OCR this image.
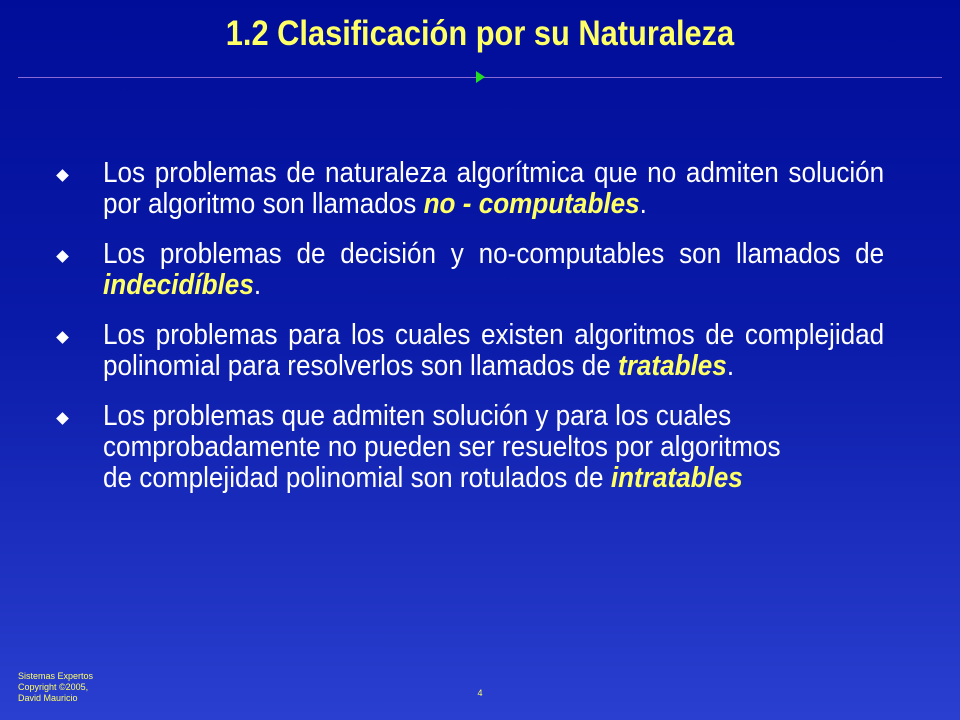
1.2 Clasificación por su Naturaleza

Los problemas de naturaleza algorítmica que no admiten solución por algoritmo son llamados no - computables.

Los problemas de decisión y no-computables son llamados de indecidíbles.

Los problemas para los cuales existen algoritmos de complejidad polinomial para resolverlos son llamados de tratables.

Los problemas que admiten solución y para los cuales
comprobadamente no pueden ser resueltos por algoritmos
de complejidad polinomial son rotulados de intratables

Sistemas Expertos
Copyright ©2005,
David Mauricio	4
